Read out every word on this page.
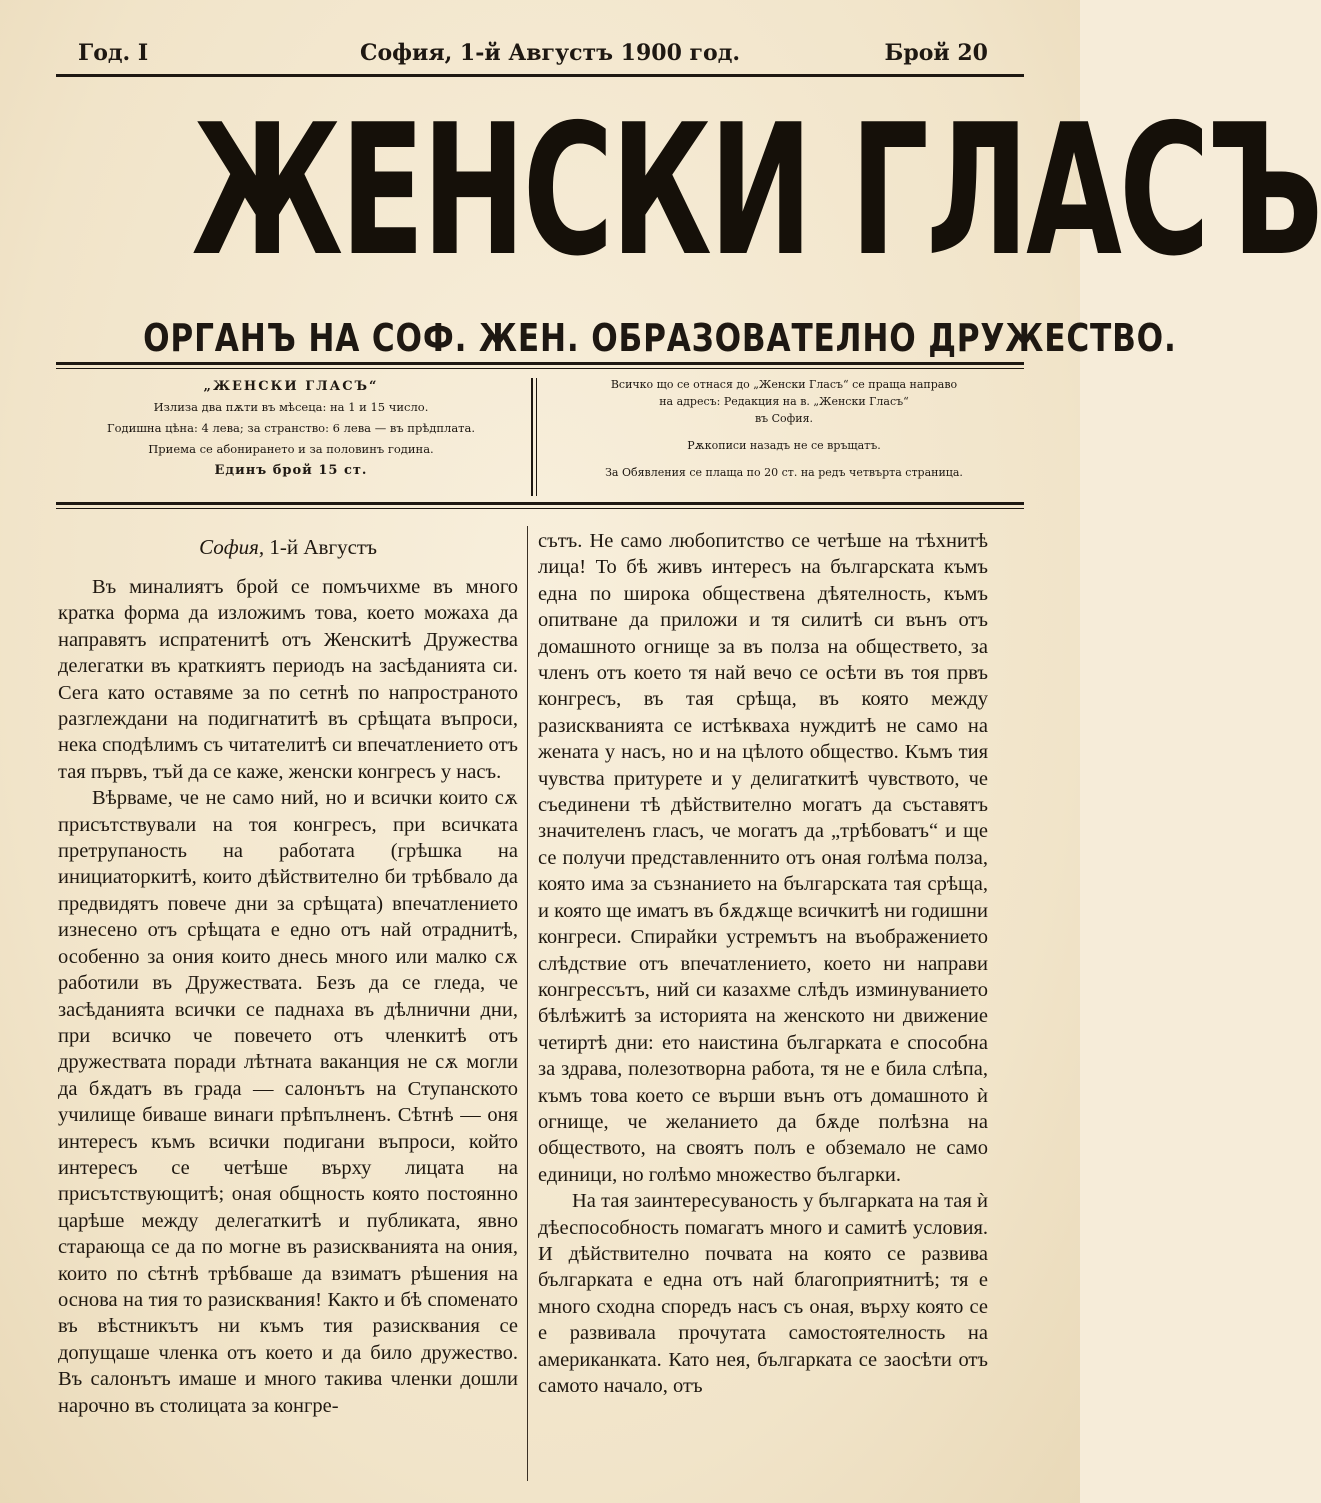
Год. I	София, 1-й Августъ 1900 год.	Брой 20
ЖЕНСКИ ГЛАСЪ
ОРГАНЪ НА СОФ. ЖЕН. ОБРАЗОВАТЕЛНО ДРУЖЕСТВО.
„ЖЕНСКИ ГЛАСЪ“
Излиза два пѫти въ мѣсеца: на 1 и 15 число.
Годишна цѣна: 4 лева; за странство: 6 лева — въ прѣдплата.
Приема се абонирането и за половинъ година.
Единъ брой 15 ст.
Всичко що се отнася до „Женски Гласъ“ се праща направо
на адресъ: Редакция на в. „Женски Гласъ“
въ София.
Рѫкописи назадъ не се връщатъ.
За Обявления се плаща по 20 ст. на редъ четвърта страница.

София, 1-й Августъ

Въ миналиятъ брой се помъчихме въ много кратка форма да изложимъ това, което можаха да направятъ испратенитѣ отъ Женскитѣ Дружества делегатки въ краткиятъ периодъ на засѣданията си. Сега като оставяме за по сетнѣ по напространото разглеждани на подигнатитѣ въ срѣщата въпроси, нека сподѣлимъ съ читателитѣ си впечатлението отъ тая първъ, тъй да се каже, женски конгресъ у насъ.

Вѣрваме, че не само ний, но и всички които сѫ присътствували на тоя конгресъ, при всичката претрупаность на работата (грѣшка на инициаторкитѣ, които дѣйствително би трѣбвало да предвидятъ повече дни за срѣщата) впечатлението изнесено отъ срѣщата е едно отъ най отраднитѣ, особенно за ония които днесь много или малко сѫ работили въ Дружествата. Безъ да се гледа, че засѣданията всички се паднаха въ дѣлнични дни, при всичко че повечето отъ членкитѣ отъ дружествата поради лѣтната ваканция не сѫ могли да бѫдатъ въ града — салонътъ на Ступанското училище биваше винаги прѣпълненъ. Сѣтнѣ — оня интересъ къмъ всички подигани въпроси, който интересъ се четѣше върху лицата на присътствующитѣ; оная общность която постоянно царѣше между делегаткитѣ и публиката, явно старающа се да по могне въ разискванията на ония, които по сѣтнѣ трѣбваше да взиматъ рѣшения на основа на тия то разисквания! Както и бѣ споменато въ вѣстникътъ ни къмъ тия разисквания се допущаше членка отъ което и да било дружество. Въ салонътъ имаше и много такива членки дошли нарочно въ столицата за конгре-

сътъ. Не само любопитство се четѣше на тѣхнитѣ лица! То бѣ живъ интересъ на българската къмъ една по широка обществена дѣятелность, къмъ опитване да приложи и тя силитѣ си вънъ отъ домашното огнище за въ полза на обществето, за членъ отъ което тя най вечо се осѣти въ тоя првъ конгресъ, въ тая срѣща, въ която между разискванията се истѣкваха нуждитѣ не само на жената у насъ, но и на цѣлото общество. Къмъ тия чувства притурете и у делигаткитѣ чувството, че съединени тѣ дѣйствително могатъ да съставятъ значителенъ гласъ, че могатъ да „трѣбоватъ“ и ще се получи представленнито отъ оная голѣма полза, която има за съзнанието на българската тая срѣща, и която ще иматъ въ бѫдѫще всичкитѣ ни годишни конгреси. Спирайки устремътъ на въображението слѣдствие отъ впечатлението, което ни направи конгрессътъ, ний си казахме слѣдъ изминуванието бѣлѣжитѣ за историята на женското ни движение четиртѣ дни: ето наистина българката е способна за здрава, полезотворна работа, тя не е била слѣпа, къмъ това което се върши вънъ отъ домашното ѝ огнище, че желанието да бѫде полѣзна на обществото, на своятъ полъ е обземало не само единици, но голѣмо множество българки.

На тая заинтересуваность у българката на тая ѝ дѣеспособность помагатъ много и самитѣ условия. И дѣйствително почвата на която се развива българката е една отъ най благоприятнитѣ; тя е много сходна споредъ насъ съ оная, върху която се е развивала прочутата самостоятелность на американката. Като нея, българката се заосѣти отъ самото начало, отъ
